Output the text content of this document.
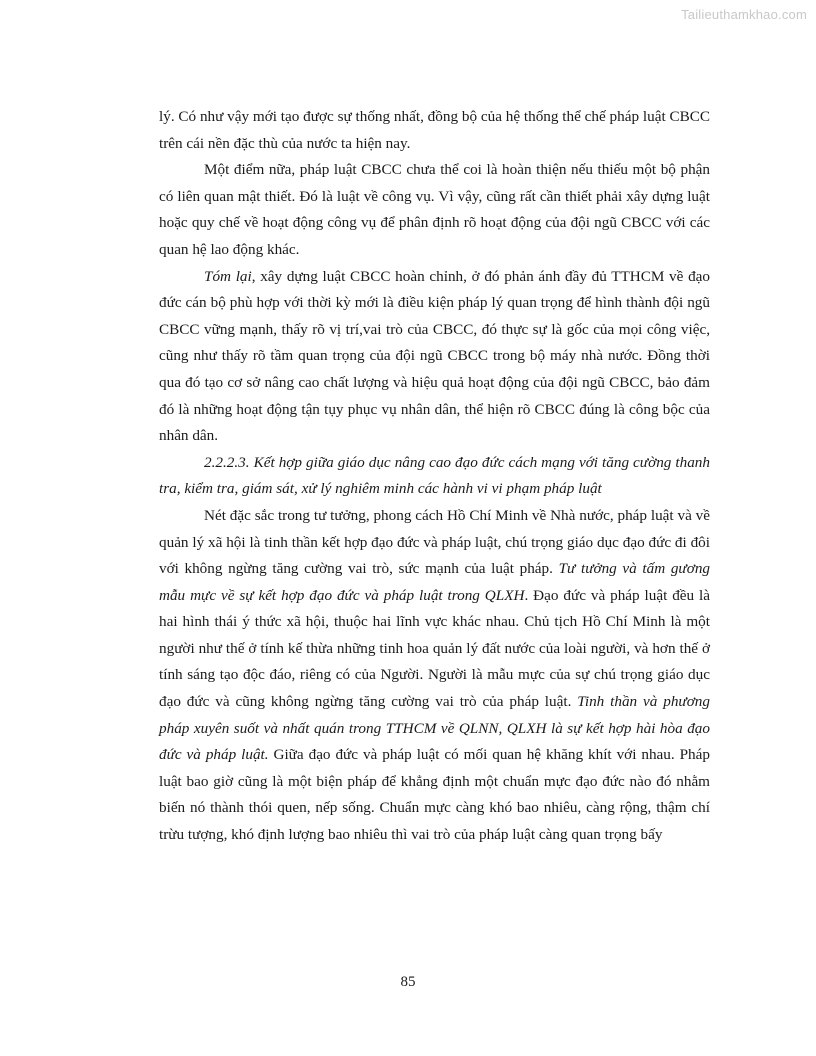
Tailieuthamkhao.com

lý. Có như vậy mới tạo được sự thống nhất, đồng bộ của hệ thống thể chế pháp luật CBCC trên cái nền đặc thù của nước ta hiện nay.

Một điểm nữa, pháp luật CBCC chưa thể coi là hoàn thiện nếu thiếu một bộ phận có liên quan mật thiết. Đó là luật về công vụ. Vì vậy, cũng rất cần thiết phải xây dựng luật hoặc quy chế về hoạt động công vụ để phân định rõ hoạt động của đội ngũ CBCC với các quan hệ lao động khác.

Tóm lại, xây dựng luật CBCC hoàn chỉnh, ở đó phản ánh đầy đủ TTHCM về đạo đức cán bộ phù hợp với thời kỳ mới là điều kiện pháp lý quan trọng để hình thành đội ngũ CBCC vững mạnh, thấy rõ vị trí,vai trò của CBCC, đó thực sự là gốc của mọi công việc, cũng như thấy rõ tầm quan trọng của đội ngũ CBCC trong bộ máy nhà nước. Đồng thời qua đó tạo cơ sở nâng cao chất lượng và hiệu quả hoạt động của đội ngũ CBCC, bảo đảm đó là những hoạt động tận tụy phục vụ nhân dân, thể hiện rõ CBCC đúng là công bộc của nhân dân.

2.2.2.3. Kết hợp giữa giáo dục nâng cao đạo đức cách mạng với tăng cường thanh tra, kiểm tra, giám sát, xử lý nghiêm minh các hành vi vi phạm pháp luật

Nét đặc sắc trong tư tưởng, phong cách Hồ Chí Minh về Nhà nước, pháp luật và về quản lý xã hội là tinh thần kết hợp đạo đức và pháp luật, chú trọng giáo dục đạo đức đi đôi với không ngừng tăng cường vai trò, sức mạnh của luật pháp. Tư tưởng và tấm gương mẫu mực về sự kết hợp đạo đức và pháp luật trong QLXH. Đạo đức và pháp luật đều là hai hình thái ý thức xã hội, thuộc hai lĩnh vực khác nhau. Chủ tịch Hồ Chí Minh là một người như thế ở tính kế thừa những tinh hoa quản lý đất nước của loài người, và hơn thế ở tính sáng tạo độc đáo, riêng có của Người. Người là mẫu mực của sự chú trọng giáo dục đạo đức và cũng không ngừng tăng cường vai trò của pháp luật. Tinh thần và phương pháp xuyên suốt và nhất quán trong TTHCM về QLNN, QLXH là sự kết hợp hài hòa đạo đức và pháp luật. Giữa đạo đức và pháp luật có mối quan hệ khăng khít với nhau. Pháp luật bao giờ cũng là một biện pháp để khẳng định một chuẩn mực đạo đức nào đó nhằm biến nó thành thói quen, nếp sống. Chuẩn mực càng khó bao nhiêu, càng rộng, thậm chí trừu tượng, khó định lượng bao nhiêu thì vai trò của pháp luật càng quan trọng bấy

85
